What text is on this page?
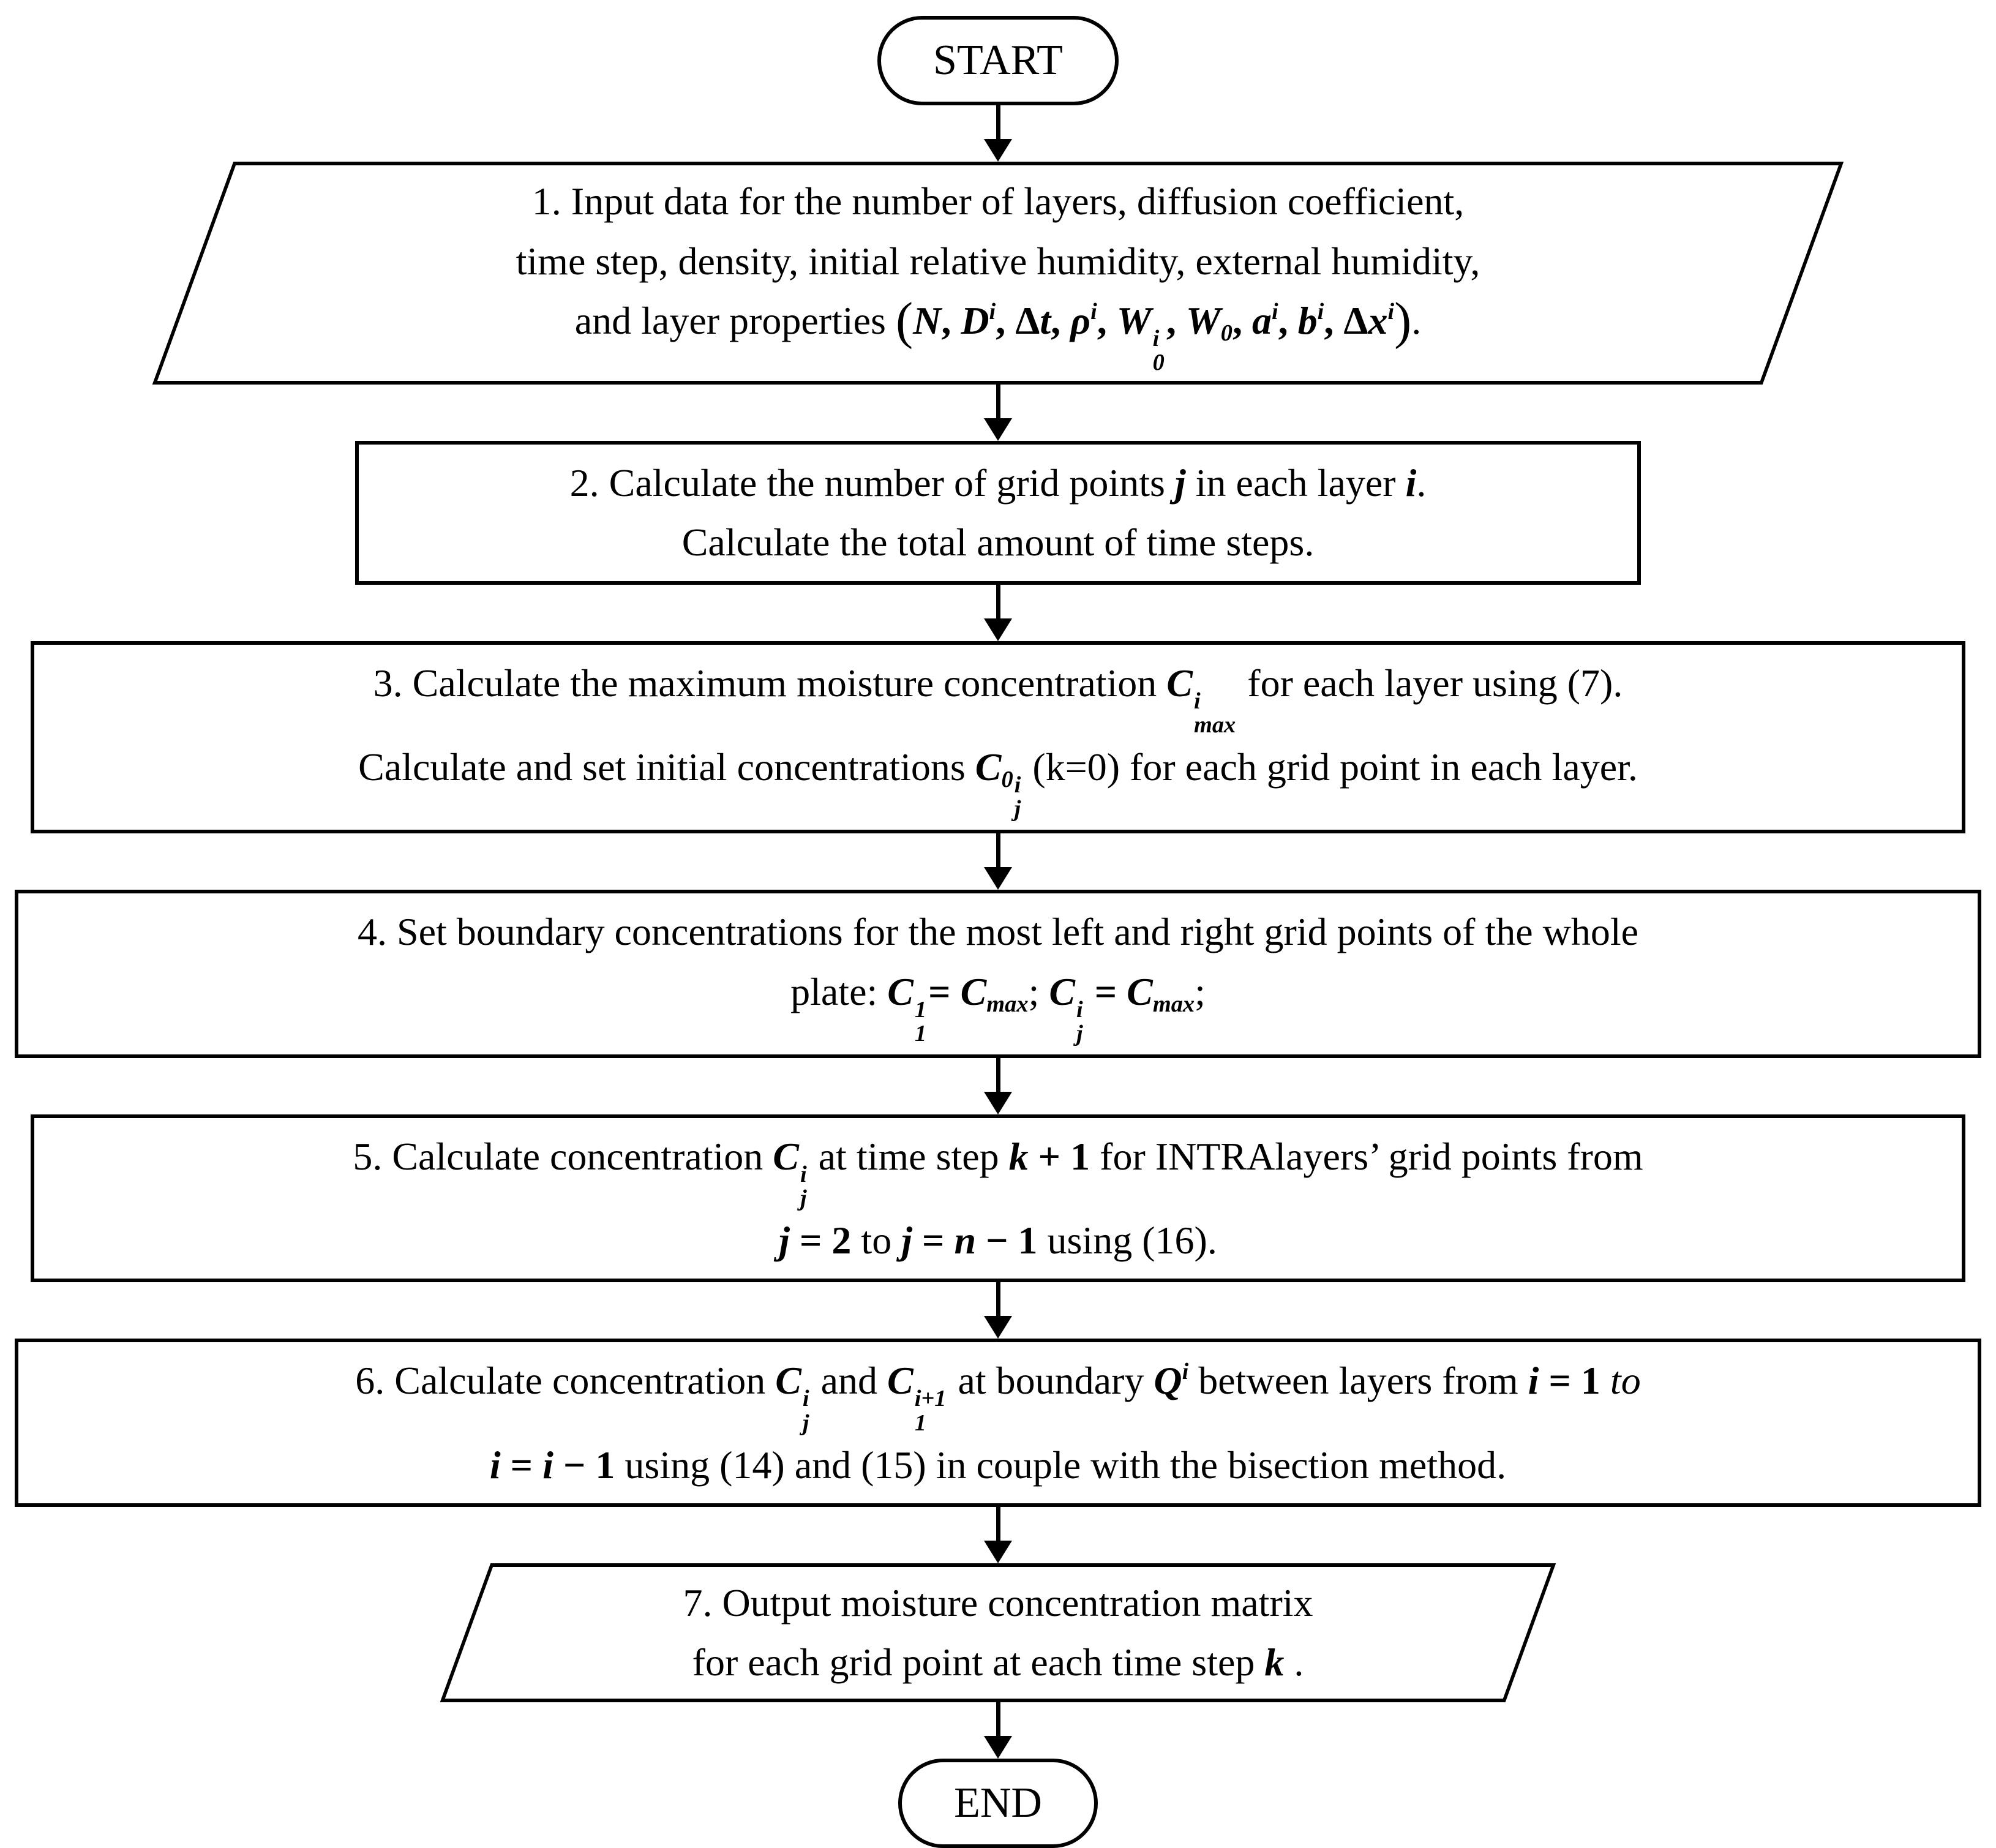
START
1. Input data for the number of layers, diffusion coefficient,
time step, density, initial relative humidity, external humidity,
and layer properties (N, $D^i$, Δt, $\rho^i$, W i
0
, W0, $a^i$, $b^i$, $\Delta x^i$).
2. Calculate the number of grid points j in each layer i.
Calculate the total amount of time steps.
3. Calculate the maximum moisture concentration C i
max
for each layer using (7).
Calculate and set initial concentrations C0 i
j
(k=0) for each grid point in each layer.
4. Set boundary concentrations for the most left and right grid points of the whole
plate: C 1
1
= Cmax; C i
j
= Cmax;
5. Calculate concentration C i
j
at time step k + 1 for INTRAlayers’ grid points from
j = 2 to j = n − 1 using (16).
6. Calculate concentration C i
j
and C i+1
1
at boundary $Q^i$ between layers from i = 1 to
i = i − 1 using (14) and (15) in couple with the bisection method.
7. Output moisture concentration matrix
for each grid point at each time step k .
END
